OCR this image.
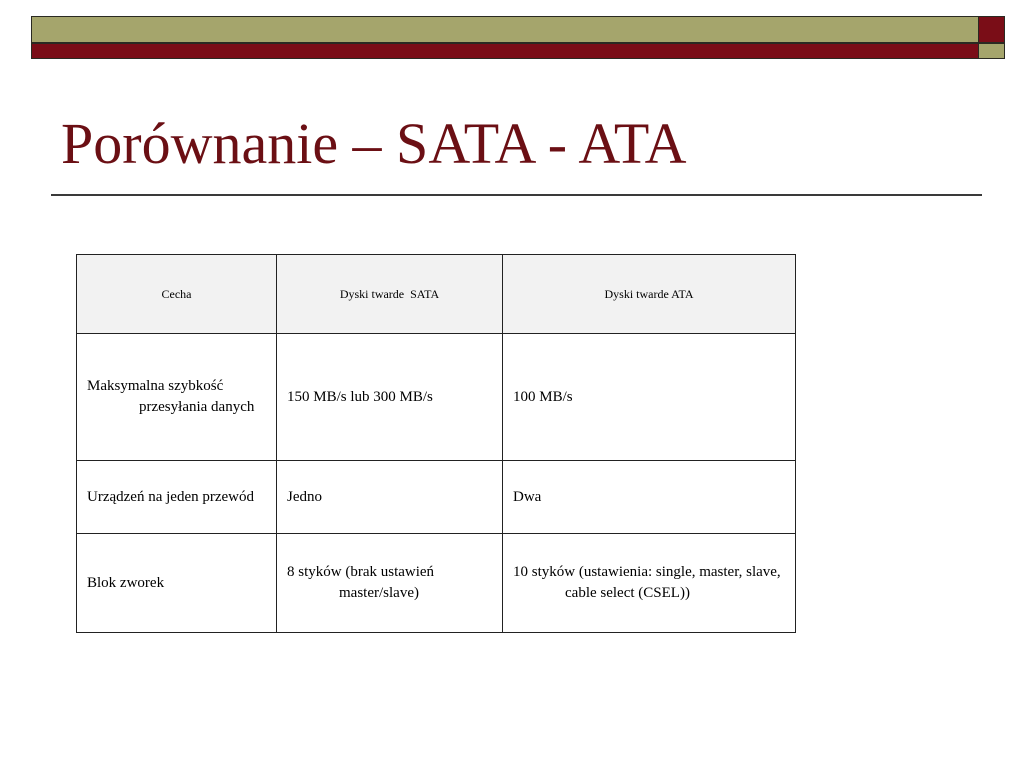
Porównanie – SATA - ATA
Cecha	Dyski twarde  SATA	Dyski twarde ATA

Maksymalna szybkość przesyłania danych	150 MB/s lub 300 MB/s	100 MB/s

Urządzeń na jeden przewód	Jedno	Dwa

Blok zworek	8 styków (brak ustawień master/slave)	10 styków (ustawienia: single, master, slave, cable select (CSEL))
